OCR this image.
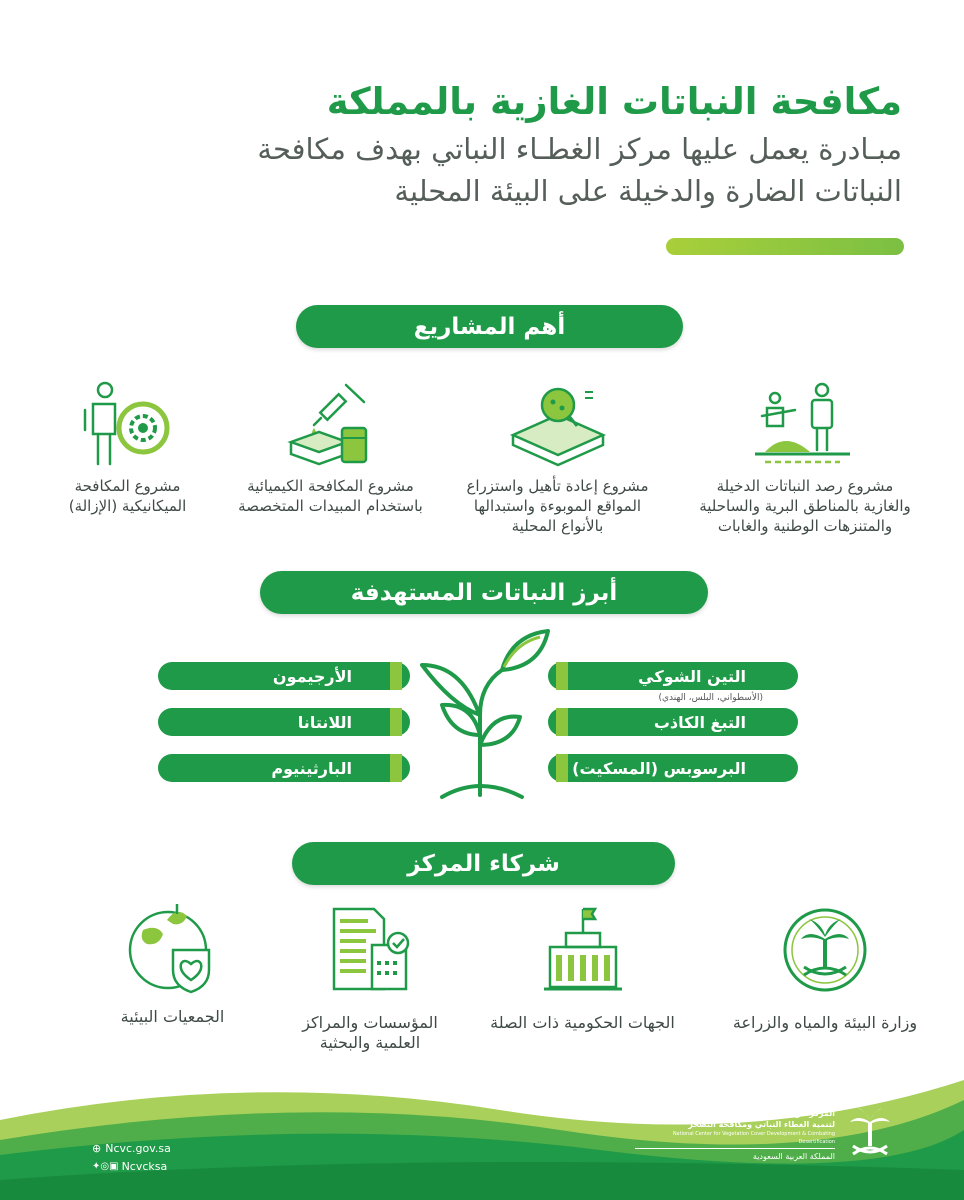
مكافحة النباتات الغازية بالمملكة
مبـادرة يعمل عليها مركز الغطـاء النباتي بهدف مكافحة
النباتات الضارة والدخيلة على البيئة المحلية
أهم المشاريع
مشروع رصد النباتات الدخيلة
والغازية بالمناطق البرية والساحلية
والمتنزهات الوطنية والغابات
مشروع إعادة تأهيل واستزراع
المواقع الموبوءة واستبدالها
بالأنواع المحلية
مشروع المكافحة الكيميائية
باستخدام المبيدات المتخصصة
مشروع المكافحة
الميكانيكية (الإزالة)
أبرز النباتات المستهدفة
التين الشوكي
(الأسطواني، البلس، الهندي)
التبغ الكاذب
البرسوبس (المسكيت)
الأرجيمون
اللانتانا
البارثينيوم
شركاء المركز
وزارة البيئة والمياه والزراعة
الجهات الحكومية ذات الصلة
المؤسسات والمراكز
العلمية والبحثية
الجمعيات البيئية
⊕ Ncvc.gov.sa
✦◎▣ Ncvcksa
المركز الوطني
لتنمية الغطاء النباتي ومكافحة التصحر
National Center for Vegetation Cover Development & Combating Desertification
المملكة العربية السعودية
